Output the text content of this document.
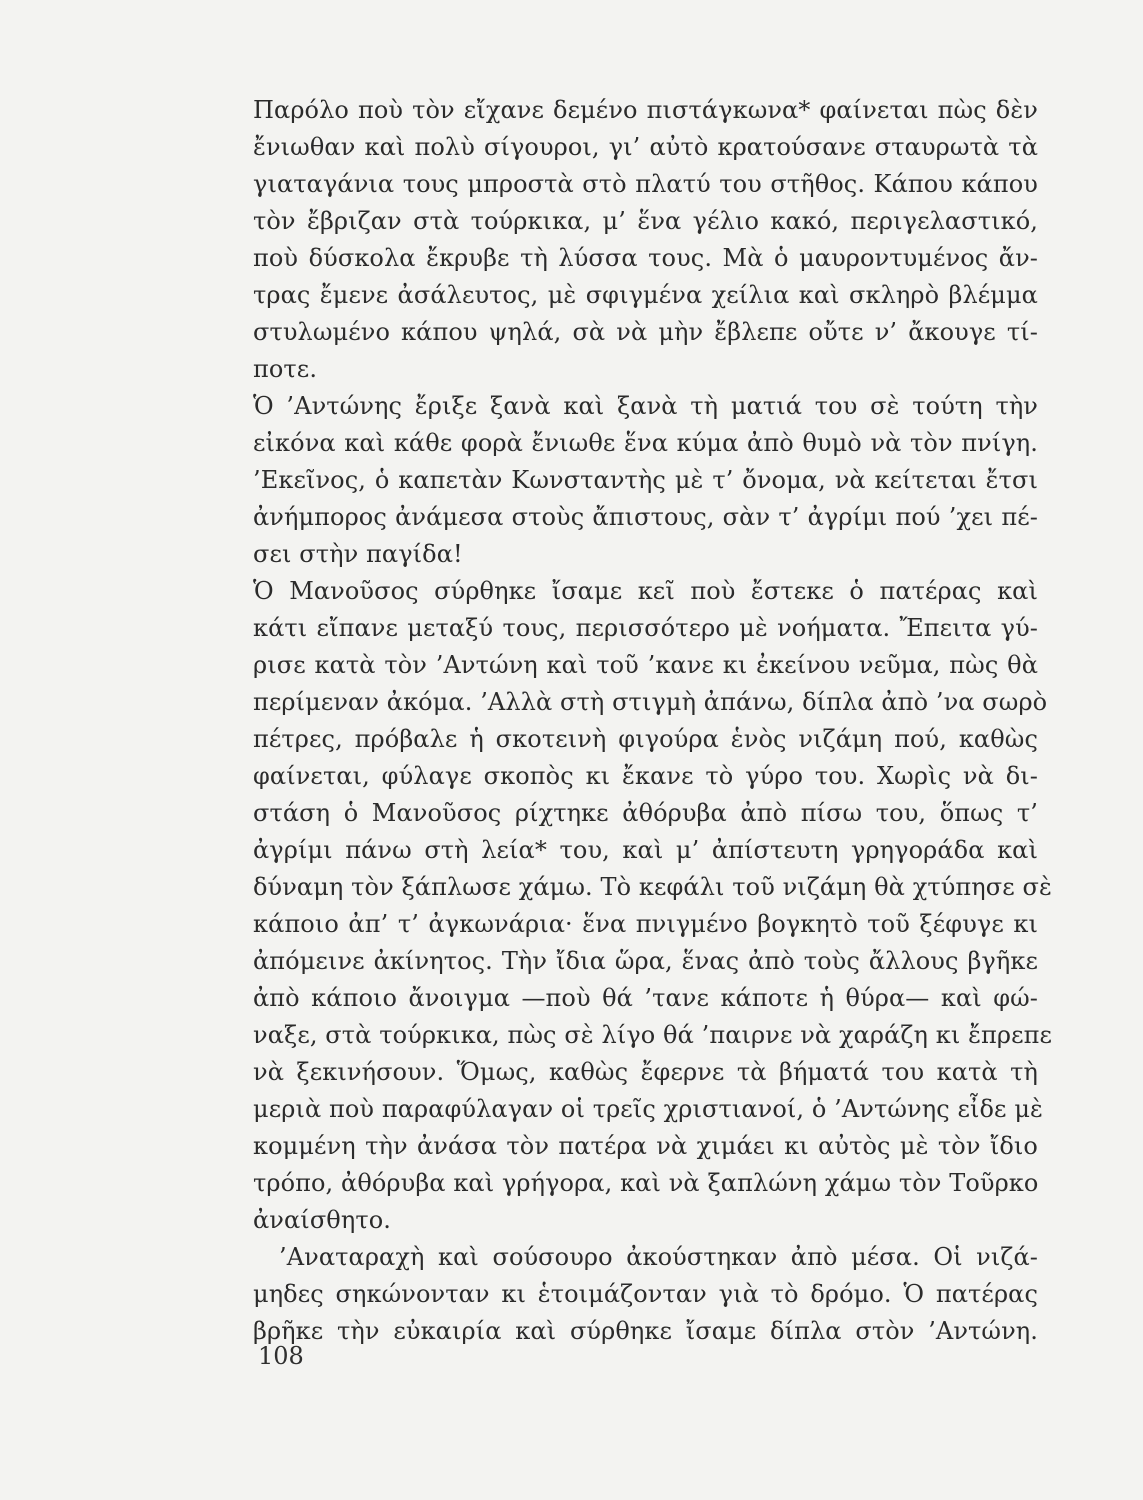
Παρόλο ποὺ τὸν εἴχανε δεμένο πιστάγκωνα* φαίνεται πὼς δὲν
ἔνιωθαν καὶ πολὺ σίγουροι, γι’ αὐτὸ κρατούσανε σταυρωτὰ τὰ
γιαταγάνια τους μπροστὰ στὸ πλατύ του στῆθος. Κάπου κάπου
τὸν ἔβριζαν στὰ τούρκικα, μ’ ἕνα γέλιο κακό, περιγελαστικό,
ποὺ δύσκολα ἔκρυβε τὴ λύσσα τους. Μὰ ὁ μαυροντυμένος ἄν-
τρας ἔμενε ἀσάλευτος, μὲ σφιγμένα χείλια καὶ σκληρὸ βλέμμα
στυλωμένο κάπου ψηλά, σὰ νὰ μὴν ἔβλεπε οὔτε ν’ ἄκουγε τί-
ποτε.
Ὁ ’Αντώνης ἔριξε ξανὰ καὶ ξανὰ τὴ ματιά του σὲ τούτη τὴν
εἰκόνα καὶ κάθε φορὰ ἔνιωθε ἕνα κύμα ἀπὸ θυμὸ νὰ τὸν πνίγη.
’Εκεῖνος, ὁ καπετὰν Κωνσταντὴς μὲ τ’ ὄνομα, νὰ κείτεται ἔτσι
ἀνήμπορος ἀνάμεσα στοὺς ἄπιστους, σὰν τ’ ἀγρίμι πού ’χει πέ-
σει στὴν παγίδα!
Ὁ Μανοῦσος σύρθηκε ἴσαμε κεῖ ποὺ ἔστεκε ὁ πατέρας καὶ
κάτι εἴπανε μεταξύ τους, περισσότερο μὲ νοήματα. Ἔπειτα γύ-
ρισε κατὰ τὸν ’Αντώνη καὶ τοῦ ’κανε κι ἐκείνου νεῦμα, πὼς θὰ
περίμεναν ἀκόμα. ’Αλλὰ στὴ στιγμὴ ἀπάνω, δίπλα ἀπὸ ’να σωρὸ
πέτρες, πρόβαλε ἡ σκοτεινὴ φιγούρα ἑνὸς νιζάμη πού, καθὼς
φαίνεται, φύλαγε σκοπὸς κι ἔκανε τὸ γύρο του. Χωρὶς νὰ δι-
στάση ὁ Μανοῦσος ρίχτηκε ἀθόρυβα ἀπὸ πίσω του, ὅπως τ’
ἀγρίμι πάνω στὴ λεία* του, καὶ μ’ ἀπίστευτη γρηγοράδα καὶ
δύναμη τὸν ξάπλωσε χάμω. Τὸ κεφάλι τοῦ νιζάμη θὰ χτύπησε σὲ
κάποιο ἀπ’ τ’ ἀγκωνάρια· ἕνα πνιγμένο βογκητὸ τοῦ ξέφυγε κι
ἀπόμεινε ἀκίνητος. Τὴν ἴδια ὥρα, ἕνας ἀπὸ τοὺς ἄλλους βγῆκε
ἀπὸ κάποιο ἄνοιγμα —ποὺ θά ’τανε κάποτε ἡ θύρα— καὶ φώ-
ναξε, στὰ τούρκικα, πὼς σὲ λίγο θά ’παιρνε νὰ χαράζη κι ἔπρεπε
νὰ ξεκινήσουν. Ὅμως, καθὼς ἔφερνε τὰ βήματά του κατὰ τὴ
μεριὰ ποὺ παραφύλαγαν οἱ τρεῖς χριστιανοί, ὁ ’Αντώνης εἶδε μὲ
κομμένη τὴν ἀνάσα τὸν πατέρα νὰ χιμάει κι αὐτὸς μὲ τὸν ἴδιο
τρόπο, ἀθόρυβα καὶ γρήγορα, καὶ νὰ ξαπλώνη χάμω τὸν Τοῦρκο
ἀναίσθητο.
’Αναταραχὴ καὶ σούσουρο ἀκούστηκαν ἀπὸ μέσα. Οἱ νιζά-
μηδες σηκώνονταν κι ἑτοιμάζονταν γιὰ τὸ δρόμο. Ὁ πατέρας
βρῆκε τὴν εὐκαιρία καὶ σύρθηκε ἴσαμε δίπλα στὸν ’Αντώνη.
108
